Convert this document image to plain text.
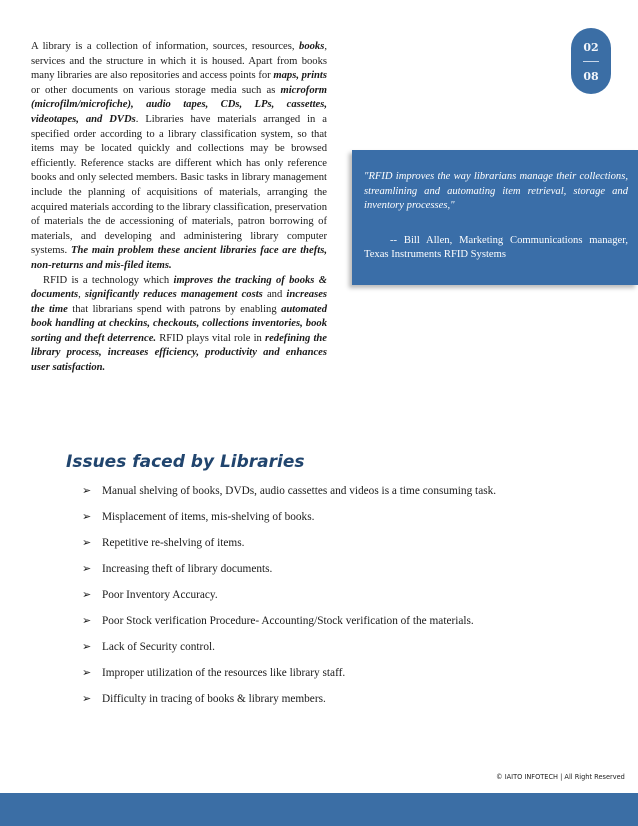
A library is a collection of information, sources, resources, books, services and the structure in which it is housed. Apart from books many libraries are also repositories and access points for maps, prints or other documents on various storage media such as microform (microfilm/microfiche), audio tapes, CDs, LPs, cassettes, videotapes, and DVDs. Libraries have materials arranged in a specified order according to a library classification system, so that items may be located quickly and collections may be browsed efficiently. Reference stacks are different which has only reference books and only selected members. Basic tasks in library management include the planning of acquisitions of materials, arranging the acquired materials according to the library classification, preservation of materials the de accessioning of materials, patron borrowing of materials, and developing and administering library computer systems. The main problem these ancient libraries face are thefts, non-returns and mis-filed items.

RFID is a technology which improves the tracking of books & documents, significantly reduces management costs and increases the time that librarians spend with patrons by enabling automated book handling at checkins, checkouts, collections inventories, book sorting and theft deterrence. RFID plays vital role in redefining the library process, increases efficiency, productivity and enhances user satisfaction.

02
08

"RFID improves the way librarians manage their collections, streamlining and automating item retrieval, storage and inventory processes,"

-- Bill Allen, Marketing Communications manager, Texas Instruments RFID Systems

Issues faced by Libraries
➢ Manual shelving of books, DVDs, audio cassettes and videos is a time consuming task.
➢ Misplacement of items, mis-shelving of books.
➢ Repetitive re-shelving of items.
➢ Increasing theft of library documents.
➢ Poor Inventory Accuracy.
➢ Poor Stock verification Procedure- Accounting/Stock verification of the materials.
➢ Lack of Security control.
➢ Improper utilization of the resources like library staff.
➢ Difficulty in tracing of books & library members.
© IAITO INFOTECH | All Right Reserved
